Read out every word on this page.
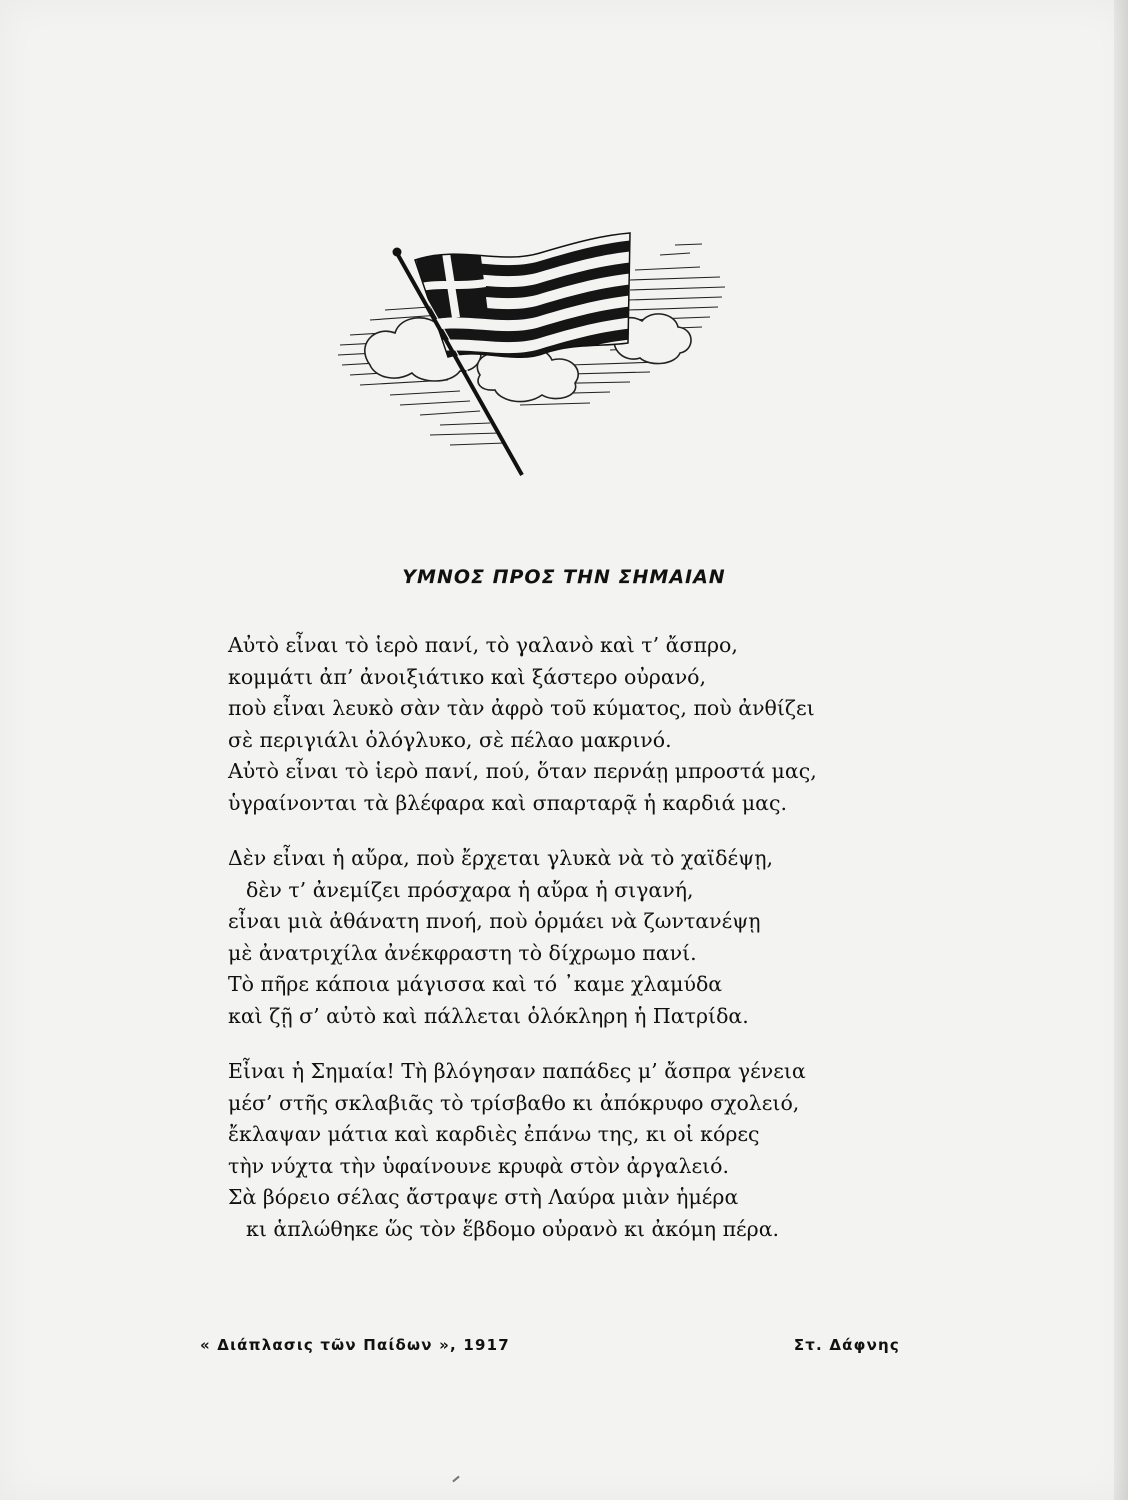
ΥΜΝΟΣ ΠΡΟΣ ΤΗΝ ΣΗΜΑΙΑΝ
Αὐτὸ εἶναι τὸ ἱερὸ πανί, τὸ γαλανὸ καὶ τ’ ἄσπρο,
κομμάτι ἀπ’ ἀνοιξιάτικο καὶ ξάστερο οὐρανό,
ποὺ εἶναι λευκὸ σὰν τὰν ἀφρὸ τοῦ κύματος, ποὺ ἀνθίζει
σὲ περιγιάλι ὁλόγλυκο, σὲ πέλαο μακρινό.
Αὐτὸ εἶναι τὸ ἱερὸ πανί, πού, ὅταν περνάῃ μπροστά μας,
ὑγραίνονται τὰ βλέφαρα καὶ σπαρταρᾷ ἡ καρδιά μας.
Δὲν εἶναι ἡ αὔρα, ποὺ ἔρχεται γλυκὰ νὰ τὸ χαϊδέψῃ,
δὲν τ’ ἀνεμίζει πρόσχαρα ἡ αὔρα ἡ σιγανή,
εἶναι μιὰ ἀθάνατη πνοή, ποὺ ὁρμάει νὰ ζωντανέψῃ
μὲ ἀνατριχίλα ἀνέκφραστη τὸ δίχρωμο πανί.
Τὸ πῆρε κάποια μάγισσα καὶ τό ᾽καμε χλαμύδα
καὶ ζῇ σ’ αὐτὸ καὶ πάλλεται ὁλόκληρη ἡ Πατρίδα.
Εἶναι ἡ Σημαία! Τὴ βλόγησαν παπάδες μ’ ἄσπρα γένεια
μέσ’ στῆς σκλαβιᾶς τὸ τρίσβαθο κι ἀπόκρυφο σχολειό,
ἔκλαψαν μάτια καὶ καρδιὲς ἐπάνω της, κι οἱ κόρες
τὴν νύχτα τὴν ὑφαίνουνε κρυφὰ στὸν ἀργαλειό.
Σὰ βόρειο σέλας ἄστραψε στὴ Λαύρα μιὰν ἡμέρα
κι ἁπλώθηκε ὥς τὸν ἕβδομο οὐρανὸ κι ἀκόμη πέρα.
« Διάπλασις τῶν Παίδων », 1917	Στ. Δάφνης
